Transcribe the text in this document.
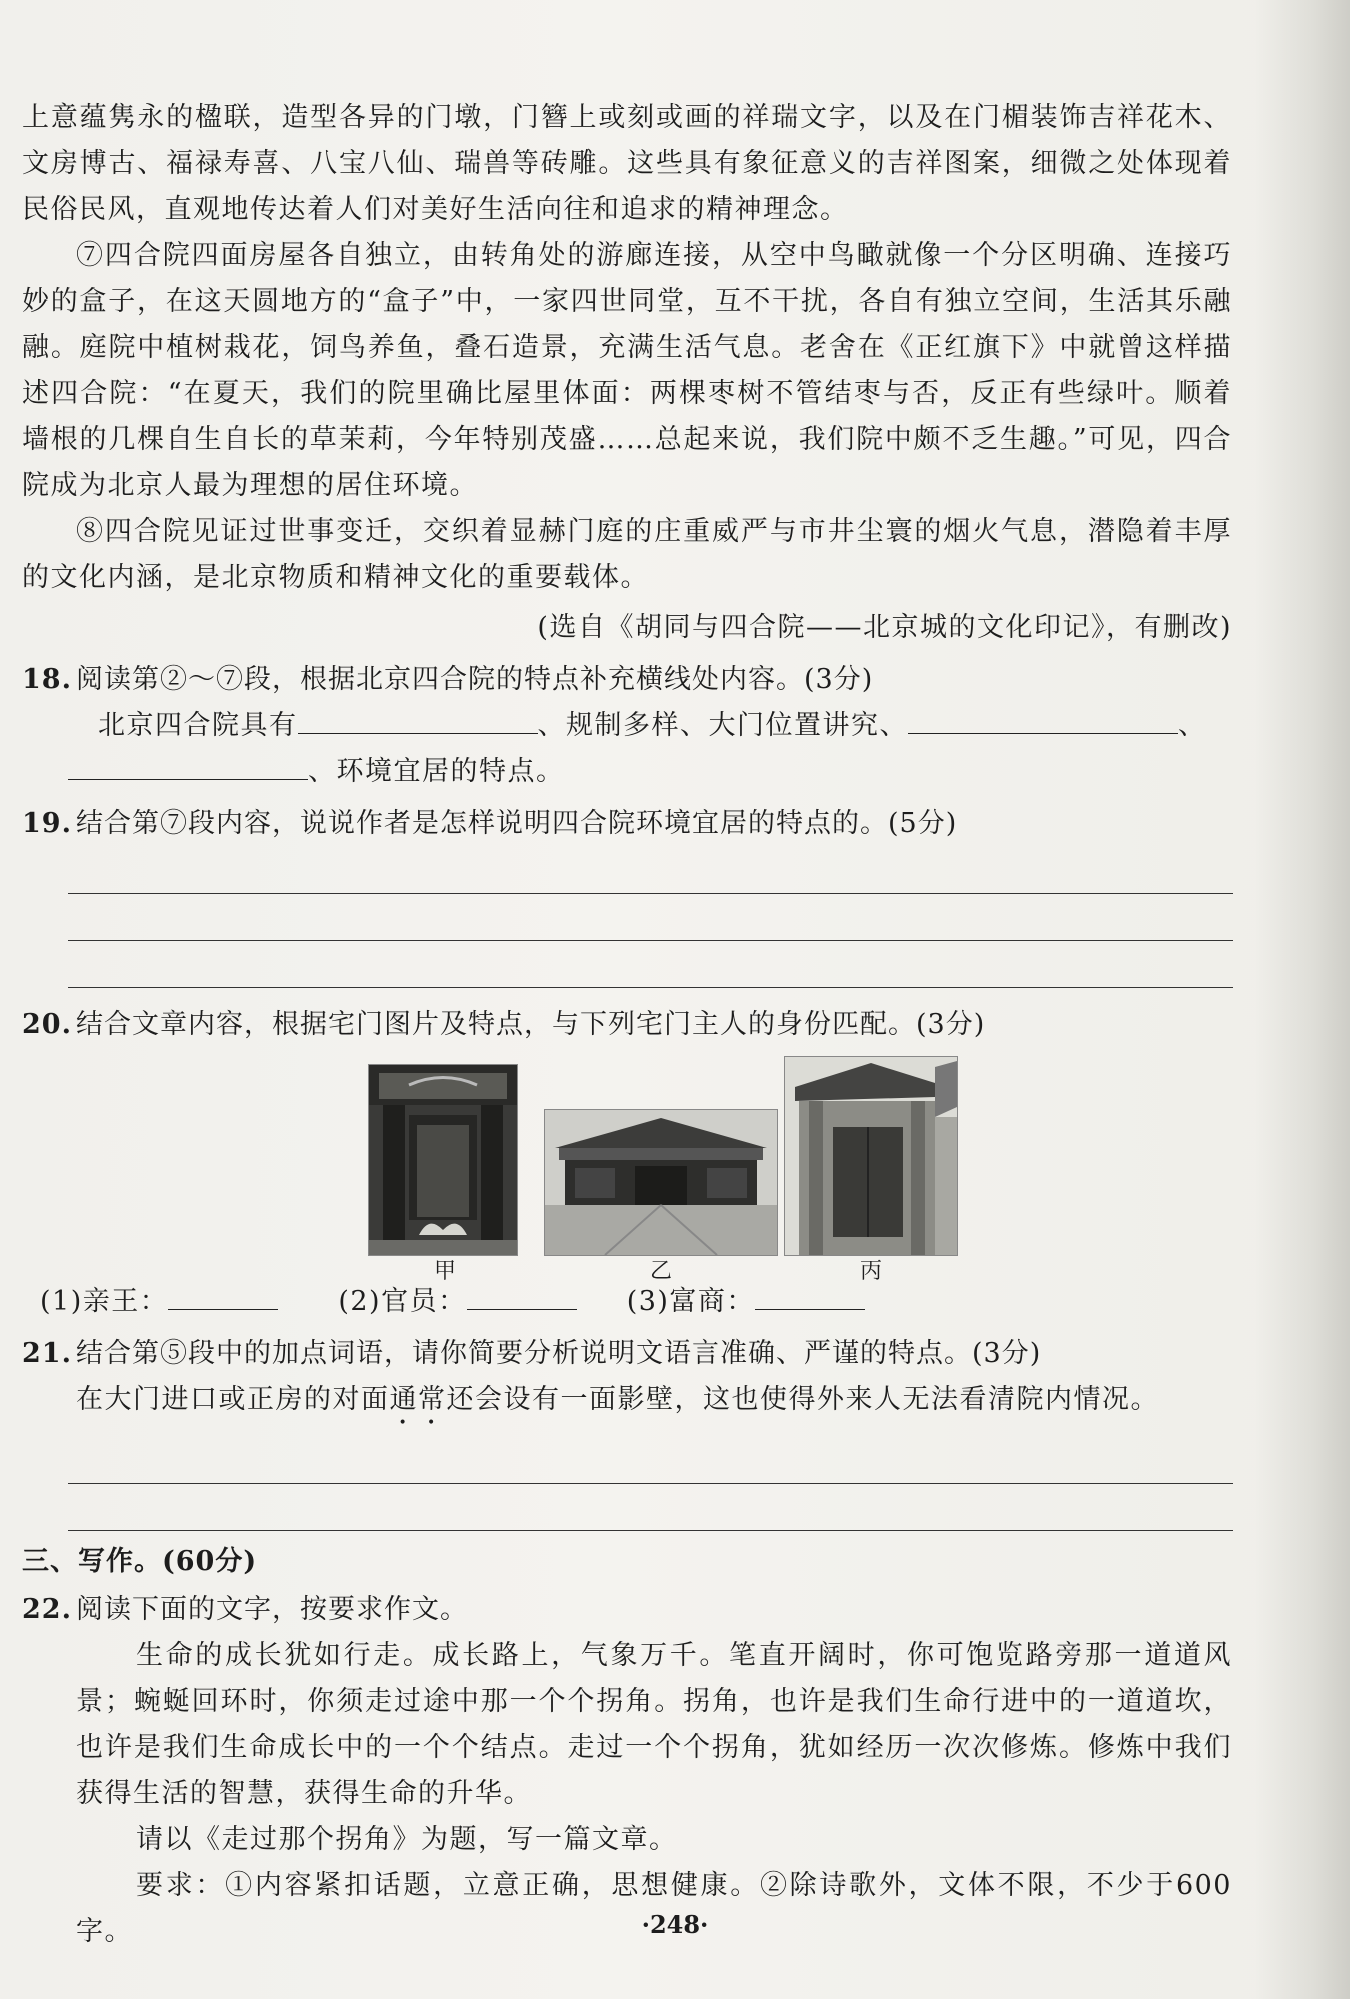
上意蕴隽永的楹联，造型各异的门墩，门簪上或刻或画的祥瑞文字，以及在门楣装饰吉祥花木、文房博古、福禄寿喜、八宝八仙、瑞兽等砖雕。这些具有象征意义的吉祥图案，细微之处体现着民俗民风，直观地传达着人们对美好生活向往和追求的精神理念。

⑦四合院四面房屋各自独立，由转角处的游廊连接，从空中鸟瞰就像一个分区明确、连接巧妙的盒子，在这天圆地方的“盒子”中，一家四世同堂，互不干扰，各自有独立空间，生活其乐融融。庭院中植树栽花，饲鸟养鱼，叠石造景，充满生活气息。老舍在《正红旗下》中就曾这样描述四合院：“在夏天，我们的院里确比屋里体面：两棵枣树不管结枣与否，反正有些绿叶。顺着墙根的几棵自生自长的草茉莉，今年特别茂盛……总起来说，我们院中颇不乏生趣。”可见，四合院成为北京人最为理想的居住环境。

⑧四合院见证过世事变迁，交织着显赫门庭的庄重威严与市井尘寰的烟火气息，潜隐着丰厚的文化内涵，是北京物质和精神文化的重要载体。

(选自《胡同与四合院——北京城的文化印记》，有删改)

18. 阅读第②～⑦段，根据北京四合院的特点补充横线处内容。(3分)
北京四合院具有	、规制多样、大门位置讲究、	、
、环境宜居的特点。
19. 结合第⑦段内容，说说作者是怎样说明四合院环境宜居的特点的。(5分)
20. 结合文章内容，根据宅门图片及特点，与下列宅门主人的身份匹配。(3分)
甲	乙	丙
(1)亲王：	(2)官员：	(3)富商：
21. 结合第⑤段中的加点词语，请你简要分析说明文语言准确、严谨的特点。(3分)
在大门进口或正房的对面通常还会设有一面影壁，这也使得外来人无法看清院内情况。
三、写作。(60分)
22. 阅读下面的文字，按要求作文。

生命的成长犹如行走。成长路上，气象万千。笔直开阔时，你可饱览路旁那一道道风景；蜿蜒回环时，你须走过途中那一个个拐角。拐角，也许是我们生命行进中的一道道坎，也许是我们生命成长中的一个个结点。走过一个个拐角，犹如经历一次次修炼。修炼中我们获得生活的智慧，获得生命的升华。

请以《走过那个拐角》为题，写一篇文章。

要求：①内容紧扣话题，立意正确，思想健康。②除诗歌外，文体不限，不少于600字。	·248·
